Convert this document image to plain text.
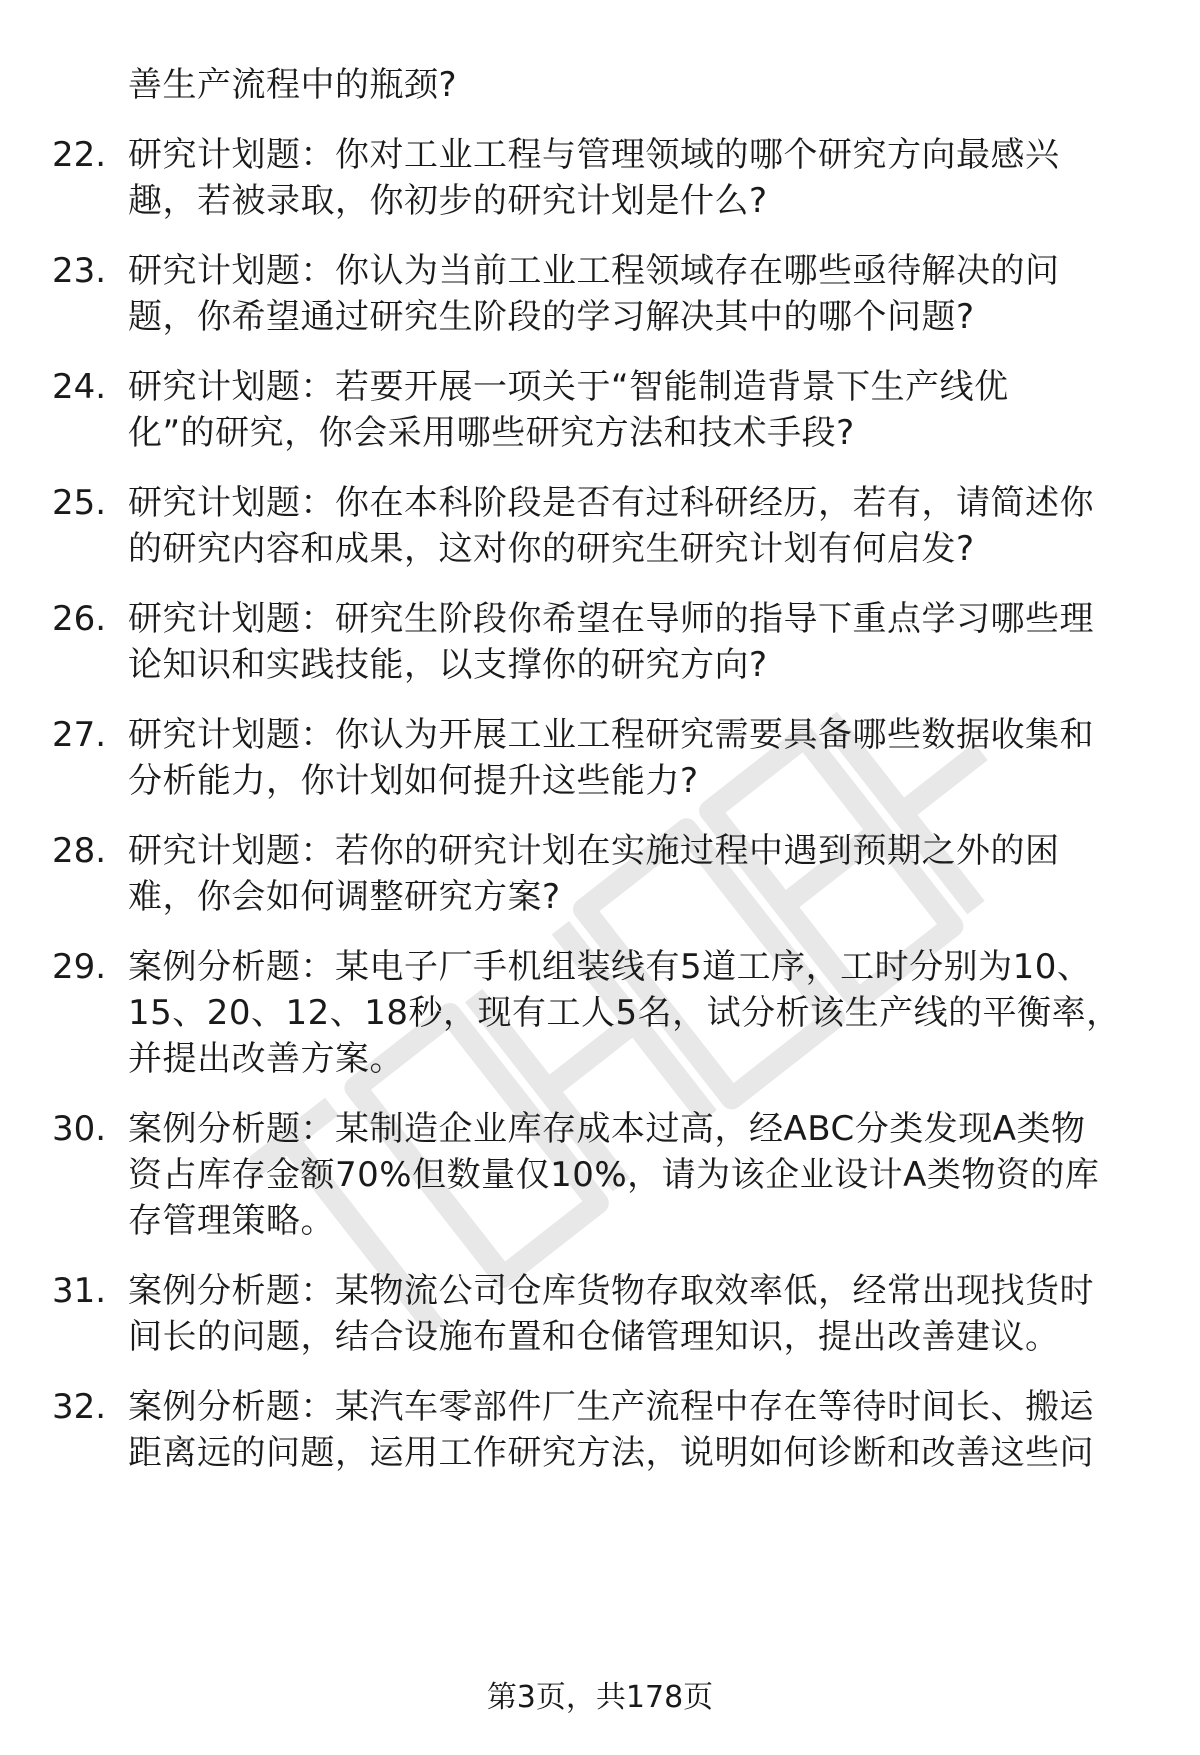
善生产流程中的瓶颈?
22. 研究计划题：你对工业工程与管理领域的哪个研究方向最感兴
趣，若被录取，你初步的研究计划是什么?
23. 研究计划题：你认为当前工业工程领域存在哪些亟待解决的问
题，你希望通过研究生阶段的学习解决其中的哪个问题?
24. 研究计划题：若要开展一项关于“智能制造背景下生产线优
化”的研究，你会采用哪些研究方法和技术手段?
25. 研究计划题：你在本科阶段是否有过科研经历，若有，请简述你
的研究内容和成果，这对你的研究生研究计划有何启发?
26. 研究计划题：研究生阶段你希望在导师的指导下重点学习哪些理
论知识和实践技能，以支撑你的研究方向?
27. 研究计划题：你认为开展工业工程研究需要具备哪些数据收集和
分析能力，你计划如何提升这些能力?
28. 研究计划题：若你的研究计划在实施过程中遇到预期之外的困
难，你会如何调整研究方案?
29. 案例分析题：某电子厂手机组装线有5道工序，工时分别为10、
15、20、12、18秒，现有工人5名，试分析该生产线的平衡率，
并提出改善方案。
30. 案例分析题：某制造企业库存成本过高，经ABC分类发现A类物
资占库存金额70%但数量仅10%，请为该企业设计A类物资的库
存管理策略。
31. 案例分析题：某物流公司仓库货物存取效率低，经常出现找货时
间长的问题，结合设施布置和仓储管理知识，提出改善建议。
32. 案例分析题：某汽车零部件厂生产流程中存在等待时间长、搬运
距离远的问题，运用工作研究方法，说明如何诊断和改善这些问
第3页，共178页
